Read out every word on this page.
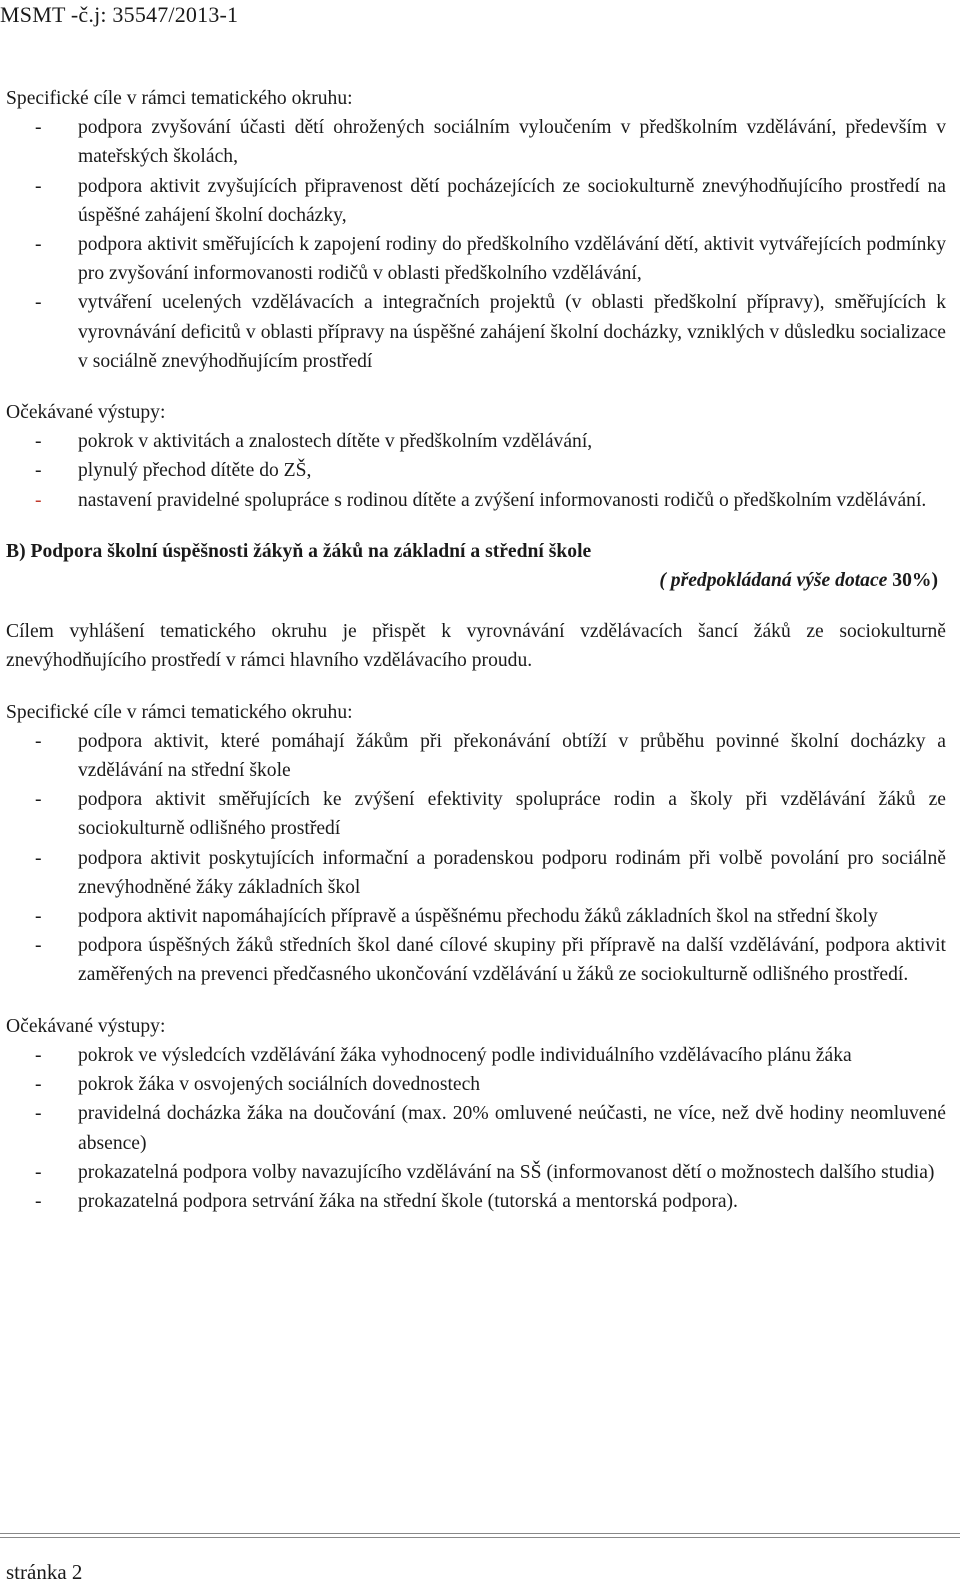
MSMT -č.j: 35547/2013-1

Specifické cíle v rámci tematického okruhu:

- podpora zvyšování účasti dětí ohrožených sociálním vyloučením v předškolním vzdělávání, především v mateřských školách,
- podpora aktivit zvyšujících připravenost dětí pocházejících ze sociokulturně znevýhodňujícího prostředí na úspěšné zahájení školní docházky,
- podpora aktivit směřujících k zapojení rodiny do předškolního vzdělávání dětí, aktivit vytvářejících podmínky pro zvyšování informovanosti rodičů v oblasti předškolního vzdělávání,
- vytváření ucelených vzdělávacích a integračních projektů (v oblasti předškolní přípravy), směřujících k vyrovnávání deficitů v oblasti přípravy na úspěšné zahájení školní docházky, vzniklých v důsledku socializace v sociálně znevýhodňujícím prostředí

Očekávané výstupy:

- pokrok v aktivitách a znalostech dítěte v předškolním vzdělávání,
- plynulý přechod dítěte do ZŠ,
- nastavení pravidelné spolupráce s rodinou dítěte a zvýšení informovanosti rodičů o předškolním vzdělávání.

B) Podpora školní úspěšnosti žákyň a žáků na základní a střední škole

( předpokládaná výše dotace 30%)

Cílem vyhlášení tematického okruhu je přispět k vyrovnávání vzdělávacích šancí žáků ze sociokulturně znevýhodňujícího prostředí v rámci hlavního vzdělávacího proudu.

Specifické cíle v rámci tematického okruhu:

- podpora aktivit, které pomáhají žákům při překonávání obtíží v průběhu povinné školní docházky a vzdělávání na střední škole
- podpora aktivit směřujících ke zvýšení efektivity spolupráce rodin a školy při vzdělávání žáků ze sociokulturně odlišného prostředí
- podpora aktivit poskytujících informační a poradenskou podporu rodinám při volbě povolání pro sociálně znevýhodněné žáky základních škol
- podpora aktivit napomáhajících přípravě a úspěšnému přechodu žáků základních škol na střední školy
- podpora úspěšných žáků středních škol dané cílové skupiny při přípravě na další vzdělávání, podpora aktivit zaměřených na prevenci předčasného ukončování vzdělávání u žáků ze sociokulturně odlišného prostředí.

Očekávané výstupy:

- pokrok ve výsledcích vzdělávání žáka vyhodnocený podle individuálního vzdělávacího plánu žáka
- pokrok žáka v osvojených sociálních dovednostech
- pravidelná docházka žáka na doučování (max. 20% omluvené neúčasti, ne více, než dvě hodiny neomluvené absence)
- prokazatelná podpora volby navazujícího vzdělávání na SŠ (informovanost dětí o možnostech dalšího studia)
- prokazatelná podpora setrvání žáka na střední škole (tutorská a mentorská podpora).
stránka 2
